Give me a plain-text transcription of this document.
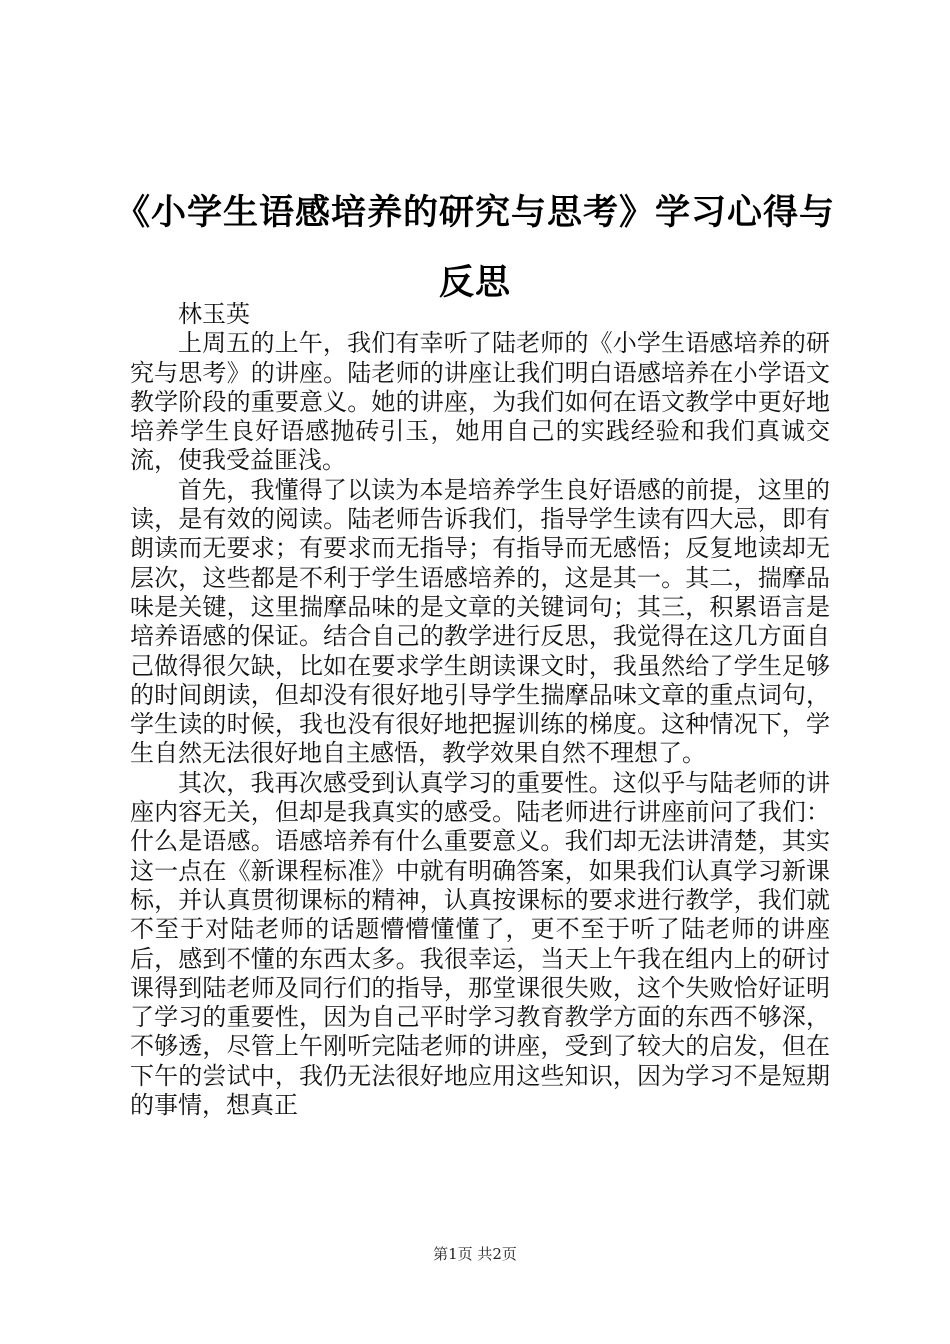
《小学生语感培养的研究与思考》学习心得与反思

林玉英

上周五的上午，我们有幸听了陆老师的《小学生语感培养的研究与思考》的讲座。陆老师的讲座让我们明白语感培养在小学语文教学阶段的重要意义。她的讲座，为我们如何在语文教学中更好地培养学生良好语感抛砖引玉，她用自己的实践经验和我们真诚交流，使我受益匪浅。

首先，我懂得了以读为本是培养学生良好语感的前提，这里的读，是有效的阅读。陆老师告诉我们，指导学生读有四大忌，即有朗读而无要求；有要求而无指导；有指导而无感悟；反复地读却无层次，这些都是不利于学生语感培养的，这是其一。其二，揣摩品味是关键，这里揣摩品味的是文章的关键词句；其三，积累语言是培养语感的保证。结合自己的教学进行反思，我觉得在这几方面自己做得很欠缺，比如在要求学生朗读课文时，我虽然给了学生足够的时间朗读，但却没有很好地引导学生揣摩品味文章的重点词句，学生读的时候，我也没有很好地把握训练的梯度。这种情况下，学生自然无法很好地自主感悟，教学效果自然不理想了。

其次，我再次感受到认真学习的重要性。这似乎与陆老师的讲座内容无关，但却是我真实的感受。陆老师进行讲座前问了我们：什么是语感。语感培养有什么重要意义。我们却无法讲清楚，其实这一点在《新课程标准》中就有明确答案，如果我们认真学习新课标，并认真贯彻课标的精神，认真按课标的要求进行教学，我们就不至于对陆老师的话题懵懵懂懂了，更不至于听了陆老师的讲座后，感到不懂的东西太多。我很幸运，当天上午我在组内上的研讨课得到陆老师及同行们的指导，那堂课很失败，这个失败恰好证明了学习的重要性，因为自己平时学习教育教学方面的东西不够深，不够透，尽管上午刚听完陆老师的讲座，受到了较大的启发，但在下午的尝试中，我仍无法很好地应用这些知识，因为学习不是短期的事情，想真正

第1页 共2页
